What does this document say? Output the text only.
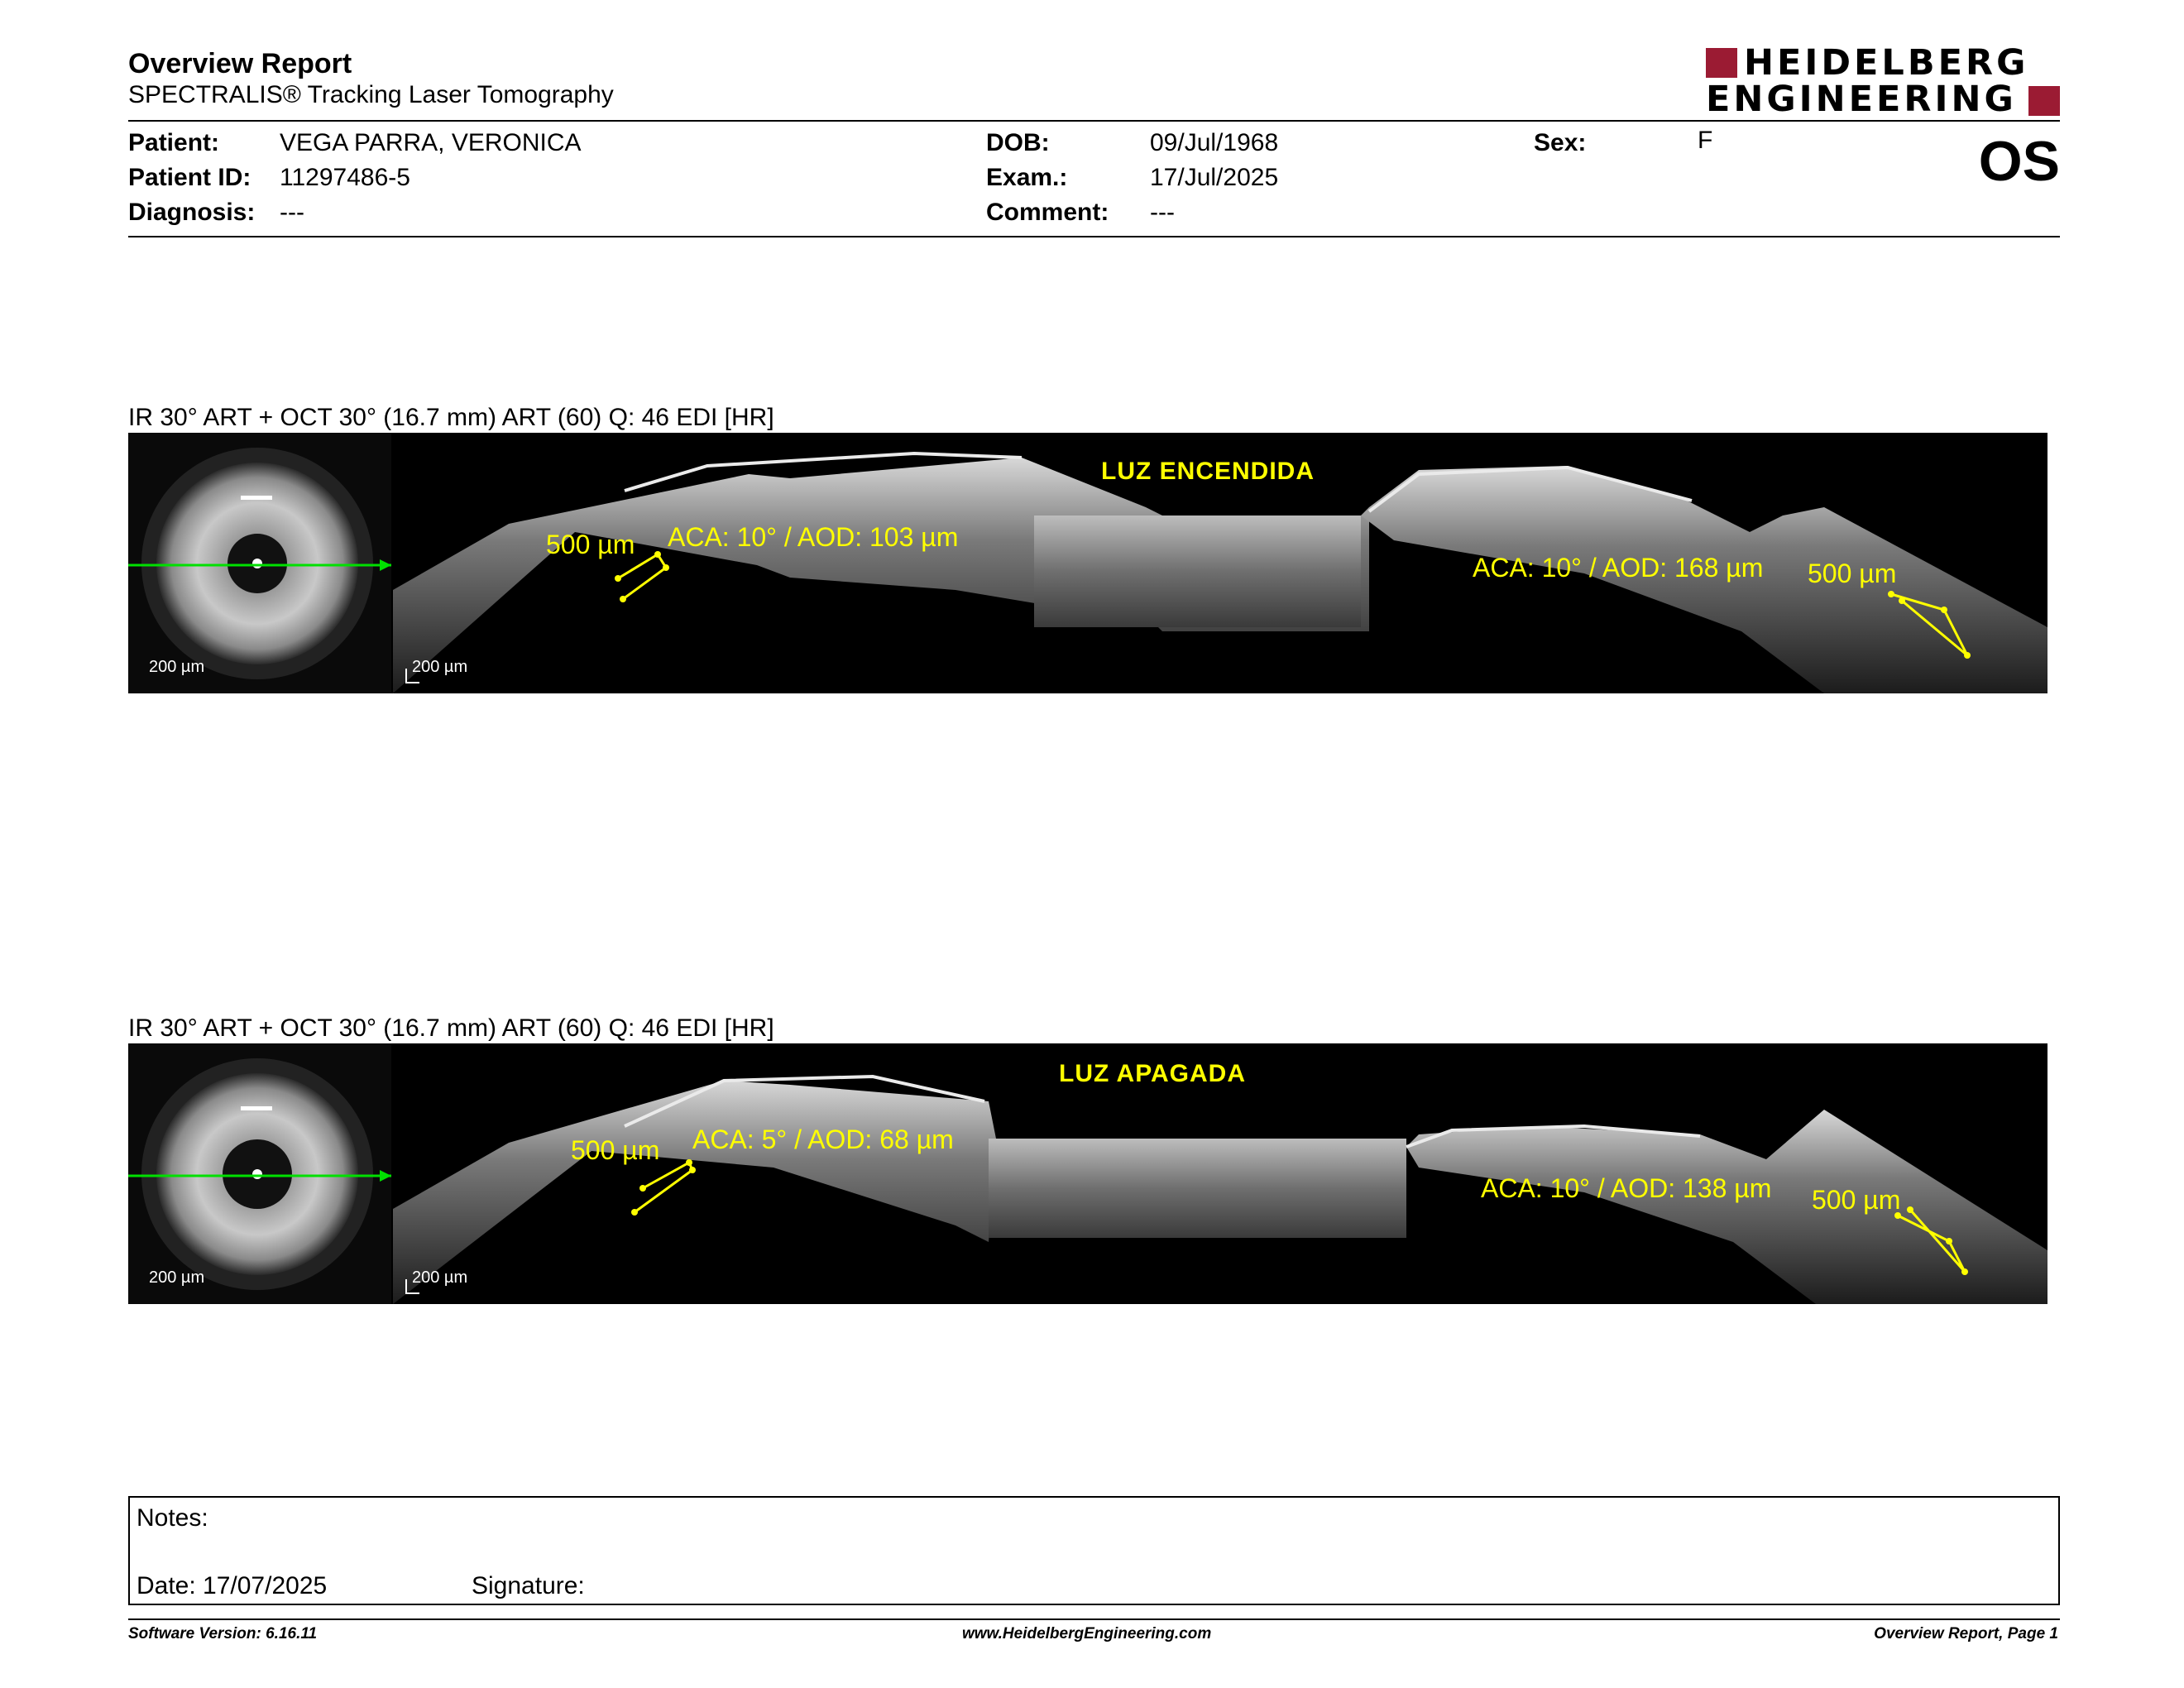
Overview Report
SPECTRALIS® Tracking Laser Tomography
HEIDELBERG
ENGINEERING
Patient: VEGA PARRA, VERONICA
Patient ID: 11297486-5
Diagnosis: ---
DOB:	09/Jul/1968
Exam.:	17/Jul/2025
Comment: ---
Sex:	F	OS
IR 30° ART + OCT 30° (16.7 mm) ART (60) Q: 46 EDI [HR]
LUZ ENCENDIDA
500 µm ACA: 10° / AOD: 103 µm
ACA: 10° / AOD: 168 µm 500 µm
200 µm	200 µm
IR 30° ART + OCT 30° (16.7 mm) ART (60) Q: 46 EDI [HR]
LUZ APAGADA
500 µm ACA: 5° / AOD: 68 µm
ACA: 10° / AOD: 138 µm 500 µm
200 µm	200 µm
Notes:
Date: 17/07/2025	Signature:
Software Version: 6.16.11	www.HeidelbergEngineering.com	Overview Report, Page 1
